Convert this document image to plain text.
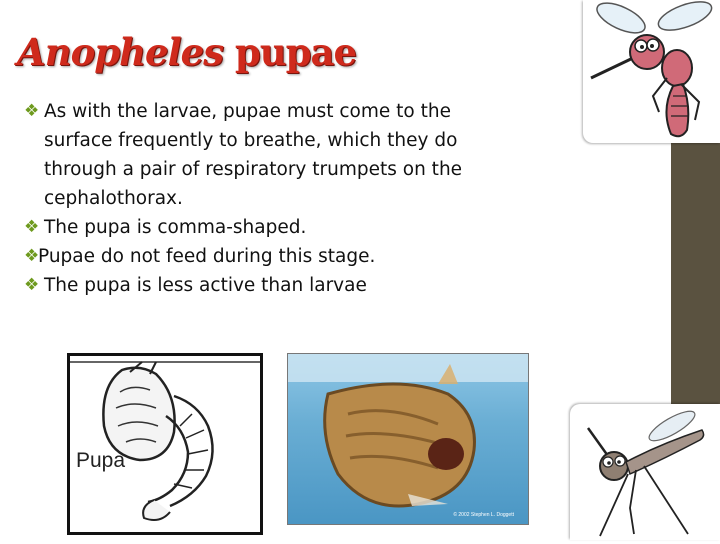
Anopheles pupae
❖ As with the larvae, pupae must come to the
surface frequently to breathe, which they do
through a pair of respiratory trumpets on the
cephalothorax.
❖ The pupa is comma-shaped.
❖
Pupae do not feed during this stage.
❖ The pupa is less active than larvae
Pupa
© 2002 Stephen L. Doggett
